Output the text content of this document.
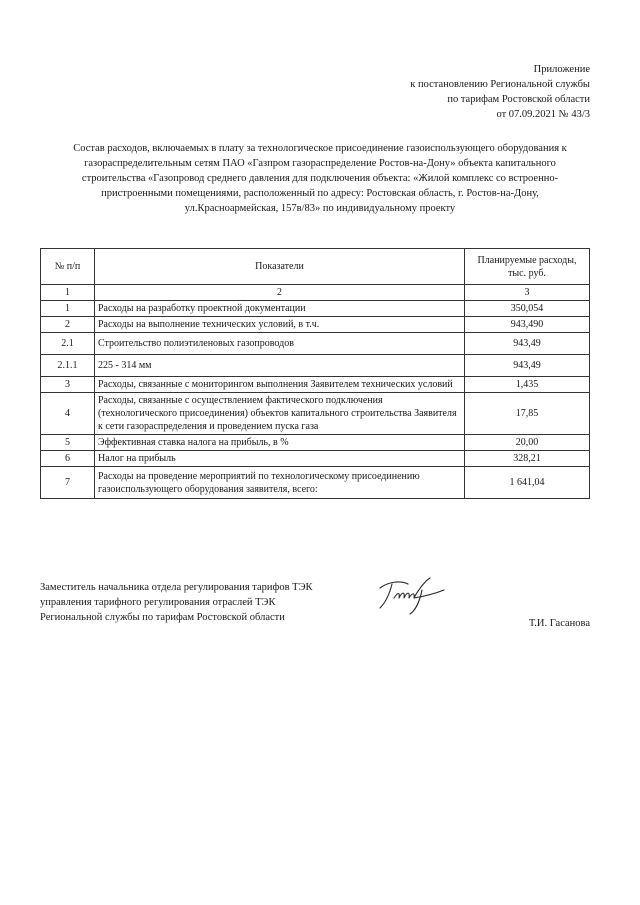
Приложение
к постановлению Региональной службы
по тарифам Ростовской области
от 07.09.2021 № 43/3
Состав расходов, включаемых в плату за технологическое присоединение газоиспользующего оборудования к
газораспределительным сетям ПАО «Газпром газораспределение Ростов-на-Дону» объекта капитального
строительства «Газопровод среднего давления для подключения объекта: «Жилой комплекс со встроенно-
пристроенными помещениями, расположенный по адресу: Ростовская область, г. Ростов-на-Дону,
ул.Красноармейская, 157в/83» по индивидуальному проекту
№ п/п	Показатели	Планируемые расходы, тыс. руб.
1	2	3
1	Расходы на разработку проектной документации	350,054
2	Расходы на выполнение технических условий, в т.ч.	943,490
2.1	Строительство полиэтиленовых газопроводов	943,49
2.1.1	225 - 314 мм	943,49
3	Расходы, связанные с мониторингом выполнения Заявителем технических условий	1,435
4	Расходы, связанные с осуществлением фактического подключения (технологического присоединения) объектов капитального строительства Заявителя к сети газораспределения и проведением пуска газа	17,85
5	Эффективная ставка налога на прибыль, в %	20,00
6	Налог на прибыль	328,21
7	Расходы на проведение мероприятий по технологическому присоединению газоиспользующего оборудования заявителя, всего:	1 641,04
Заместитель начальника отдела регулирования тарифов ТЭК
управления тарифного регулирования отраслей ТЭК
Региональной службы по тарифам Ростовской области
Т.И. Гасанова
